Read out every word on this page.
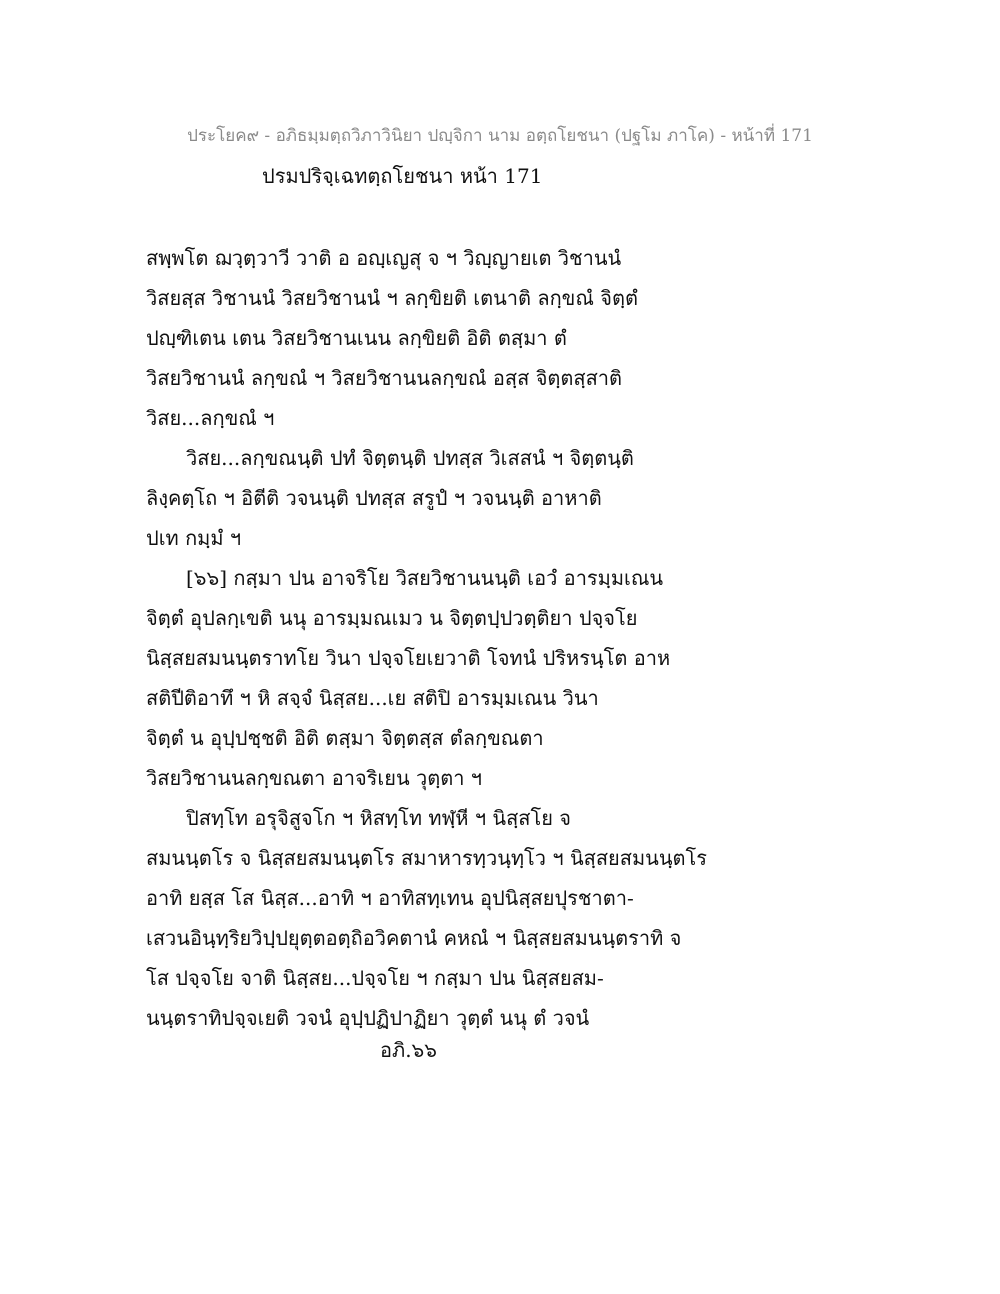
ประโยค๙ - อภิธมฺมตฺถวิภาวินิยา ปญฺจิกา นาม อตฺถโยชนา (ปฐโม ภาโค) - หน้าที่ 171
ปรมปริจฺเฉทตฺถโยชนา หน้า 171
สพฺพโต ฌวฺตฺวาวี วาติ อ อญฺเญสุ จ ฯ วิญฺญายเต วิชานนํ
วิสยสฺส วิชานนํ วิสยวิชานนํ ฯ ลกฺขิยติ เตนาติ ลกฺขณํ จิตฺตํ
ปญฺฑิเตน เตน วิสยวิชานเนน ลกฺขิยติ อิติ ตสฺมา ตํ
วิสยวิชานนํ ลกฺขณํ ฯ วิสยวิชานนลกฺขณํ อสฺส จิตฺตสฺสาติ
วิสย...ลกฺขณํ ฯ
วิสย...ลกฺขณนฺติ ปทํ จิตฺตนฺติ ปทสฺส วิเสสนํ ฯ จิตฺตนฺติ
ลิงฺคตฺโถ ฯ อิตีติ วจนนฺติ ปทสฺส สรูปํ ฯ วจนนฺติ อาหาติ
ปเท กมฺมํ ฯ
[๖๖] กสฺมา ปน อาจริโย วิสยวิชานนนฺติ เอวํ อารมฺมเณน
จิตฺตํ อุปลกฺเขติ นนุ อารมฺมณเมว น จิตฺตปฺปวตฺติยา ปจฺจโย
นิสฺสยสมนนฺตราทโย วินา ปจฺจโยเยวาติ โจทนํ ปริหรนฺโต อาห
สติปีติอาทึ ฯ หิ สจฺจํ นิสฺสย...เย สติปิ อารมฺมเณน วินา
จิตฺตํ น อุปฺปชฺชติ อิติ ตสฺมา จิตฺตสฺส ตํลกฺขณตา
วิสยวิชานนลกฺขณตา อาจริเยน วุตฺตา ฯ
ปิสทฺโท อรุจิสูจโก ฯ หิสทฺโท ทฬฺหี ฯ นิสฺสโย จ
สมนนฺตโร จ นิสฺสยสมนนฺตโร สมาหารทฺวนฺทฺโว ฯ นิสฺสยสมนนฺตโร
อาทิ ยสฺส โส นิสฺส...อาทิ ฯ อาทิสทฺเทน อุปนิสฺสยปุรชาตา-
เสวนอินฺทฺริยวิปฺปยุตฺตอตฺถิอวิคตานํ คหณํ ฯ นิสฺสยสมนนฺตราทิ จ
โส ปจฺจโย จาติ นิสฺสย...ปจฺจโย ฯ กสฺมา ปน นิสฺสยสม-
นนฺตราทิปจฺจเยติ วจนํ อุปฺปฏิปาฏิยา วุตฺตํ นนุ ตํ วจนํ
อภิ.๖๖
